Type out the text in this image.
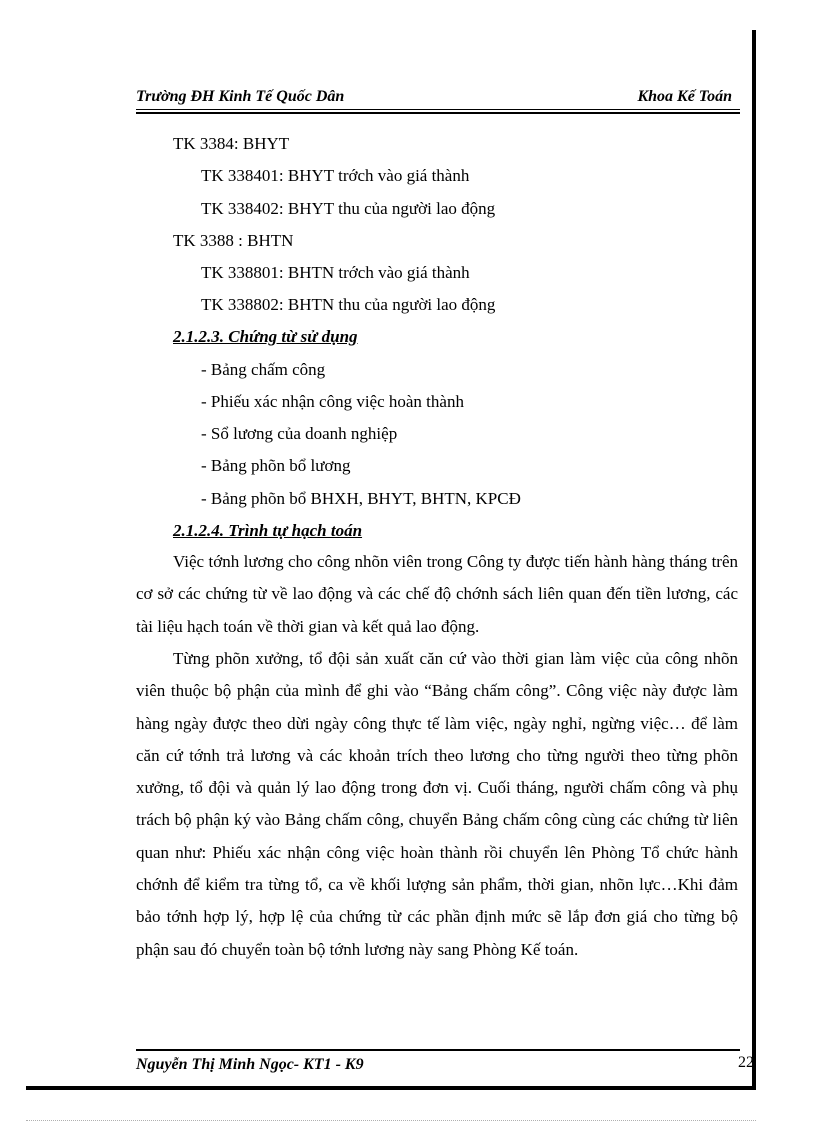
Trường ĐH Kinh Tế Quốc Dân	Khoa Kế Toán
TK 3384: BHYT
TK 338401: BHYT trớch vào giá thành
TK 338402: BHYT thu của người lao động
TK 3388 : BHTN
TK 338801: BHTN trớch vào giá thành
TK 338802: BHTN thu của người lao động
2.1.2.3. Chứng từ sử dụng
- Bảng chấm công
- Phiếu xác nhận công việc hoàn thành
- Sổ lương của doanh nghiệp
- Bảng phõn bổ lương
- Bảng phõn bổ BHXH, BHYT, BHTN, KPCĐ
2.1.2.4. Trình tự hạch toán

Việc tớnh lương cho công nhõn viên trong Công ty được tiến hành hàng tháng trên cơ sở các chứng từ về lao động và các chế độ chớnh sách liên quan đến tiền lương, các tài liệu hạch toán về thời gian và kết quả lao động.

Từng phõn xưởng, tổ đội sản xuất căn cứ vào thời gian làm việc của công nhõn viên thuộc bộ phận của mình để ghi vào “Bảng chấm công”. Công việc này được làm hàng ngày được theo dừi ngày công thực tế làm việc, ngày nghỉ, ngừng việc… để làm căn cứ tớnh trả lương và các khoản trích theo lương cho từng người theo từng phõn xưởng, tổ đội và quản lý lao động trong đơn vị. Cuối tháng, người chấm công và phụ trách bộ phận ký vào Bảng chấm công, chuyển Bảng chấm công cùng các chứng từ liên quan như: Phiếu xác nhận công việc hoàn thành rồi chuyển lên Phòng Tổ chức hành chớnh để kiểm tra từng tổ, ca về khối lượng sản phẩm, thời gian, nhõn lực…Khi đảm bảo tớnh hợp lý, hợp lệ của chứng từ các phần định mức sẽ lắp đơn giá cho từng bộ phận sau đó chuyển toàn bộ tớnh lương này sang Phòng Kế toán.

Nguyễn Thị Minh Ngọc- KT1 - K9	22
